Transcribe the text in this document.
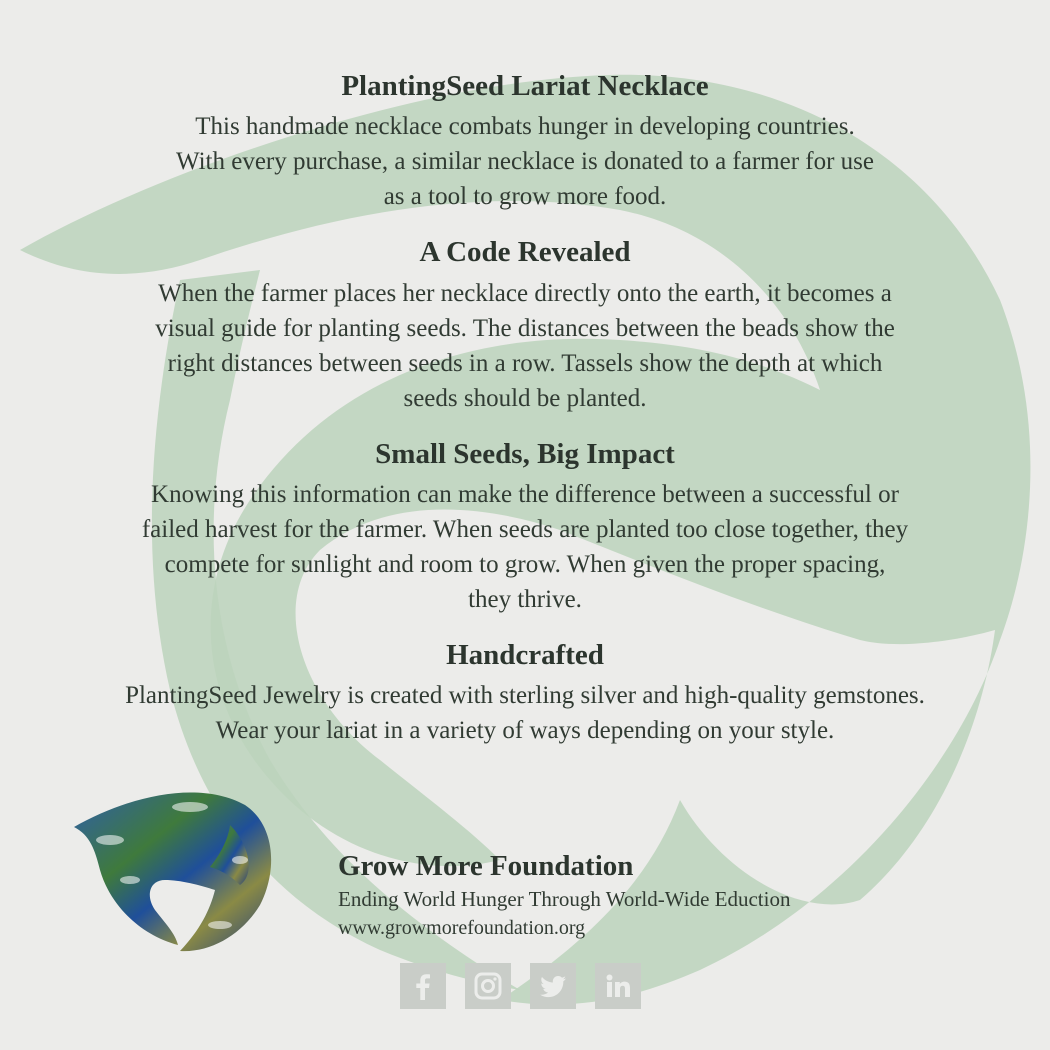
PlantingSeed Lariat Necklace

This handmade necklace combats hunger in developing countries.
With every purchase, a similar necklace is donated to a farmer for use
as a tool to grow more food.

A Code Revealed

When the farmer places her necklace directly onto the earth, it becomes a
visual guide for planting seeds. The distances between the beads show the
right distances between seeds in a row. Tassels show the depth at which
seeds should be planted.

Small Seeds, Big Impact

Knowing this information can make the difference between a successful or
failed harvest for the farmer. When seeds are planted too close together, they
compete for sunlight and room to grow. When given the proper spacing,
they thrive.

Handcrafted

PlantingSeed Jewelry is created with sterling silver and high-quality gemstones.
Wear your lariat in a variety of ways depending on your style.

Grow More Foundation
Ending World Hunger Through World-Wide Eduction
www.growmorefoundation.org
